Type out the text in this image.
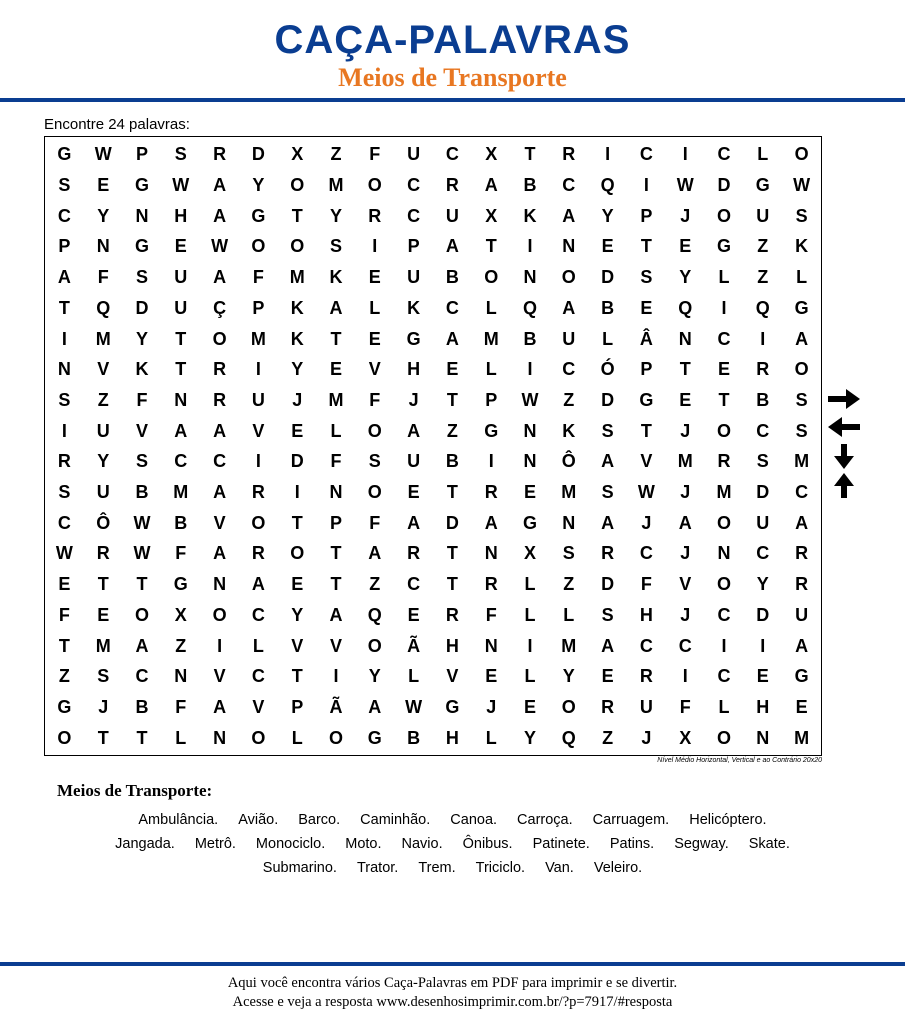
CAÇA-PALAVRAS
Meios de Transporte
Encontre 24 palavras:
G	W	P	S	R	D	X	Z	F	U	C	X	T	R	I	C	I	C	L	O
S	E	G	W	A	Y	O	M	O	C	R	A	B	C	Q	I	W	D	G	W
C	Y	N	H	A	G	T	Y	R	C	U	X	K	A	Y	P	J	O	U	S
P	N	G	E	W	O	O	S	I	P	A	T	I	N	E	T	E	G	Z	K
A	F	S	U	A	F	M	K	E	U	B	O	N	O	D	S	Y	L	Z	L
T	Q	D	U	Ç	P	K	A	L	K	C	L	Q	A	B	E	Q	I	Q	G
I	M	Y	T	O	M	K	T	E	G	A	M	B	U	L	Â	N	C	I	A
N	V	K	T	R	I	Y	E	V	H	E	L	I	C	Ó	P	T	E	R	O
S	Z	F	N	R	U	J	M	F	J	T	P	W	Z	D	G	E	T	B	S
I	U	V	A	A	V	E	L	O	A	Z	G	N	K	S	T	J	O	C	S
R	Y	S	C	C	I	D	F	S	U	B	I	N	Ô	A	V	M	R	S	M
S	U	B	M	A	R	I	N	O	E	T	R	E	M	S	W	J	M	D	C
C	Ô	W	B	V	O	T	P	F	A	D	A	G	N	A	J	A	O	U	A
W	R	W	F	A	R	O	T	A	R	T	N	X	S	R	C	J	N	C	R
E	T	T	G	N	A	E	T	Z	C	T	R	L	Z	D	F	V	O	Y	R
F	E	O	X	O	C	Y	A	Q	E	R	F	L	L	S	H	J	C	D	U
T	M	A	Z	I	L	V	V	O	Ã	H	N	I	M	A	C	C	I	I	A
Z	S	C	N	V	C	T	I	Y	L	V	E	L	Y	E	R	I	C	E	G
G	J	B	F	A	V	P	Ã	A	W	G	J	E	O	R	U	F	L	H	E
O	T	T	L	N	O	L	O	G	B	H	L	Y	Q	Z	J	X	O	N	M
Nível Médio Horizontal, Vertical e ao Contrário 20x20
Meios de Transporte:
Ambulância. Avião. Barco. Caminhão. Canoa. Carroça. Carruagem. Helicóptero.
Jangada. Metrô. Monociclo. Moto. Navio. Ônibus. Patinete. Patins. Segway. Skate.
Submarino. Trator. Trem. Triciclo. Van. Veleiro.
Aqui você encontra vários Caça-Palavras em PDF para imprimir e se divertir.
Acesse e veja a resposta www.desenhosimprimir.com.br/?p=7917/#resposta
